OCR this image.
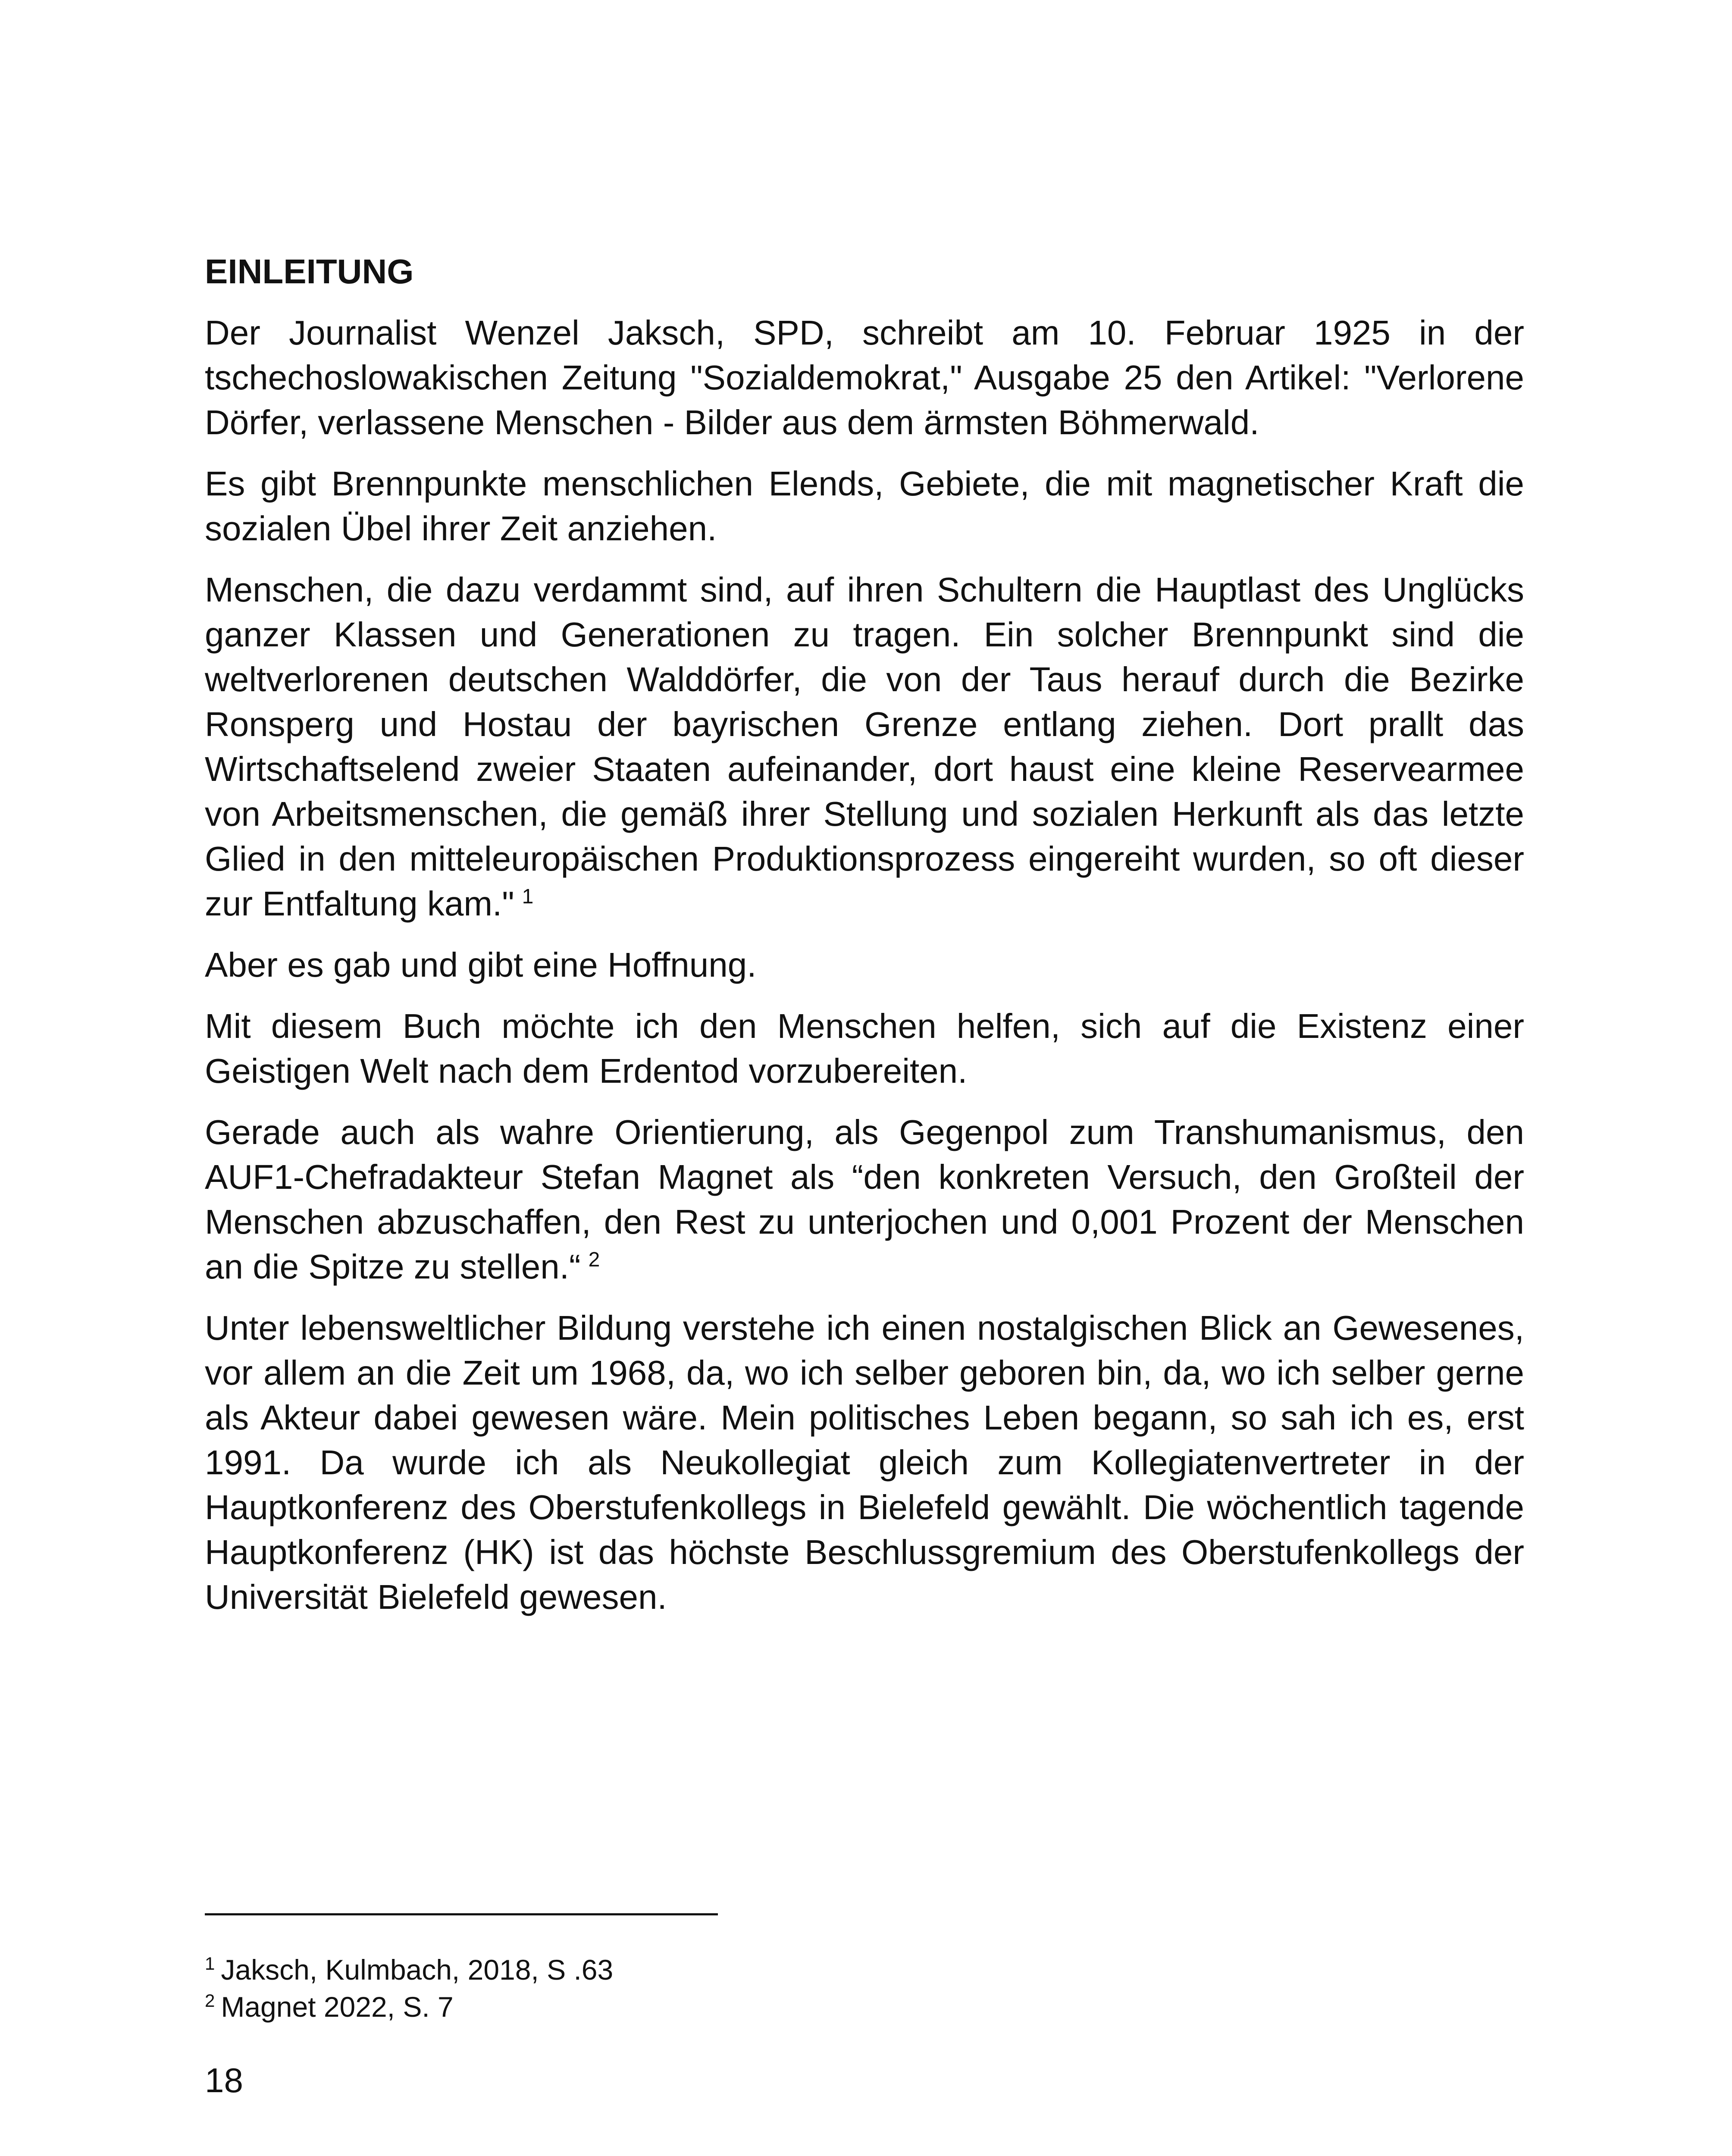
EINLEITUNG

Der Journalist Wenzel Jaksch, SPD, schreibt am 10. Februar 1925 in der tschechoslowakischen Zeitung "Sozialdemokrat," Ausgabe 25 den Artikel: "Verlorene Dörfer, verlassene Menschen - Bilder aus dem ärmsten Böhmerwald.

Es gibt Brennpunkte menschlichen Elends, Gebiete, die mit magnetischer Kraft die sozialen Übel ihrer Zeit anziehen.

Menschen, die dazu verdammt sind, auf ihren Schultern die Hauptlast des Unglücks ganzer Klassen und Generationen zu tragen. Ein solcher Brennpunkt sind die weltverlorenen deutschen Walddörfer, die von der Taus herauf durch die Bezirke Ronsperg und Hostau der bayrischen Grenze entlang ziehen. Dort prallt das Wirtschaftselend zweier Staaten aufeinander, dort haust eine kleine Reservearmee von Arbeitsmenschen, die gemäß ihrer Stellung und sozialen Herkunft als das letzte Glied in den mitteleuropäischen Produktionsprozess eingereiht wurden, so oft dieser zur Entfaltung kam." $^1$

Aber es gab und gibt eine Hoffnung.

Mit diesem Buch möchte ich den Menschen helfen, sich auf die Existenz einer Geistigen Welt nach dem Erdentod vorzubereiten.

Gerade auch als wahre Orientierung, als Gegenpol zum Transhumanismus, den AUF1-Chefradakteur Stefan Magnet als “den konkreten Versuch, den Großteil der Menschen abzuschaffen, den Rest zu unterjochen und 0,001 Prozent der Menschen an die Spitze zu stellen.“ $^2$

Unter lebensweltlicher Bildung verstehe ich einen nostalgischen Blick an Gewesenes, vor allem an die Zeit um 1968, da, wo ich selber geboren bin, da, wo ich selber gerne als Akteur dabei gewesen wäre. Mein politisches Leben begann, so sah ich es, erst 1991. Da wurde ich als Neukollegiat gleich zum Kollegiatenvertreter in der Hauptkonferenz des Oberstufenkollegs in Bielefeld gewählt. Die wöchentlich tagende Hauptkonferenz (HK) ist das höchste Beschlussgremium des Oberstufenkollegs der Universität Bielefeld gewesen.

$^1$ Jaksch, Kulmbach, 2018, S .63

$^2$ Magnet 2022, S. 7

18
